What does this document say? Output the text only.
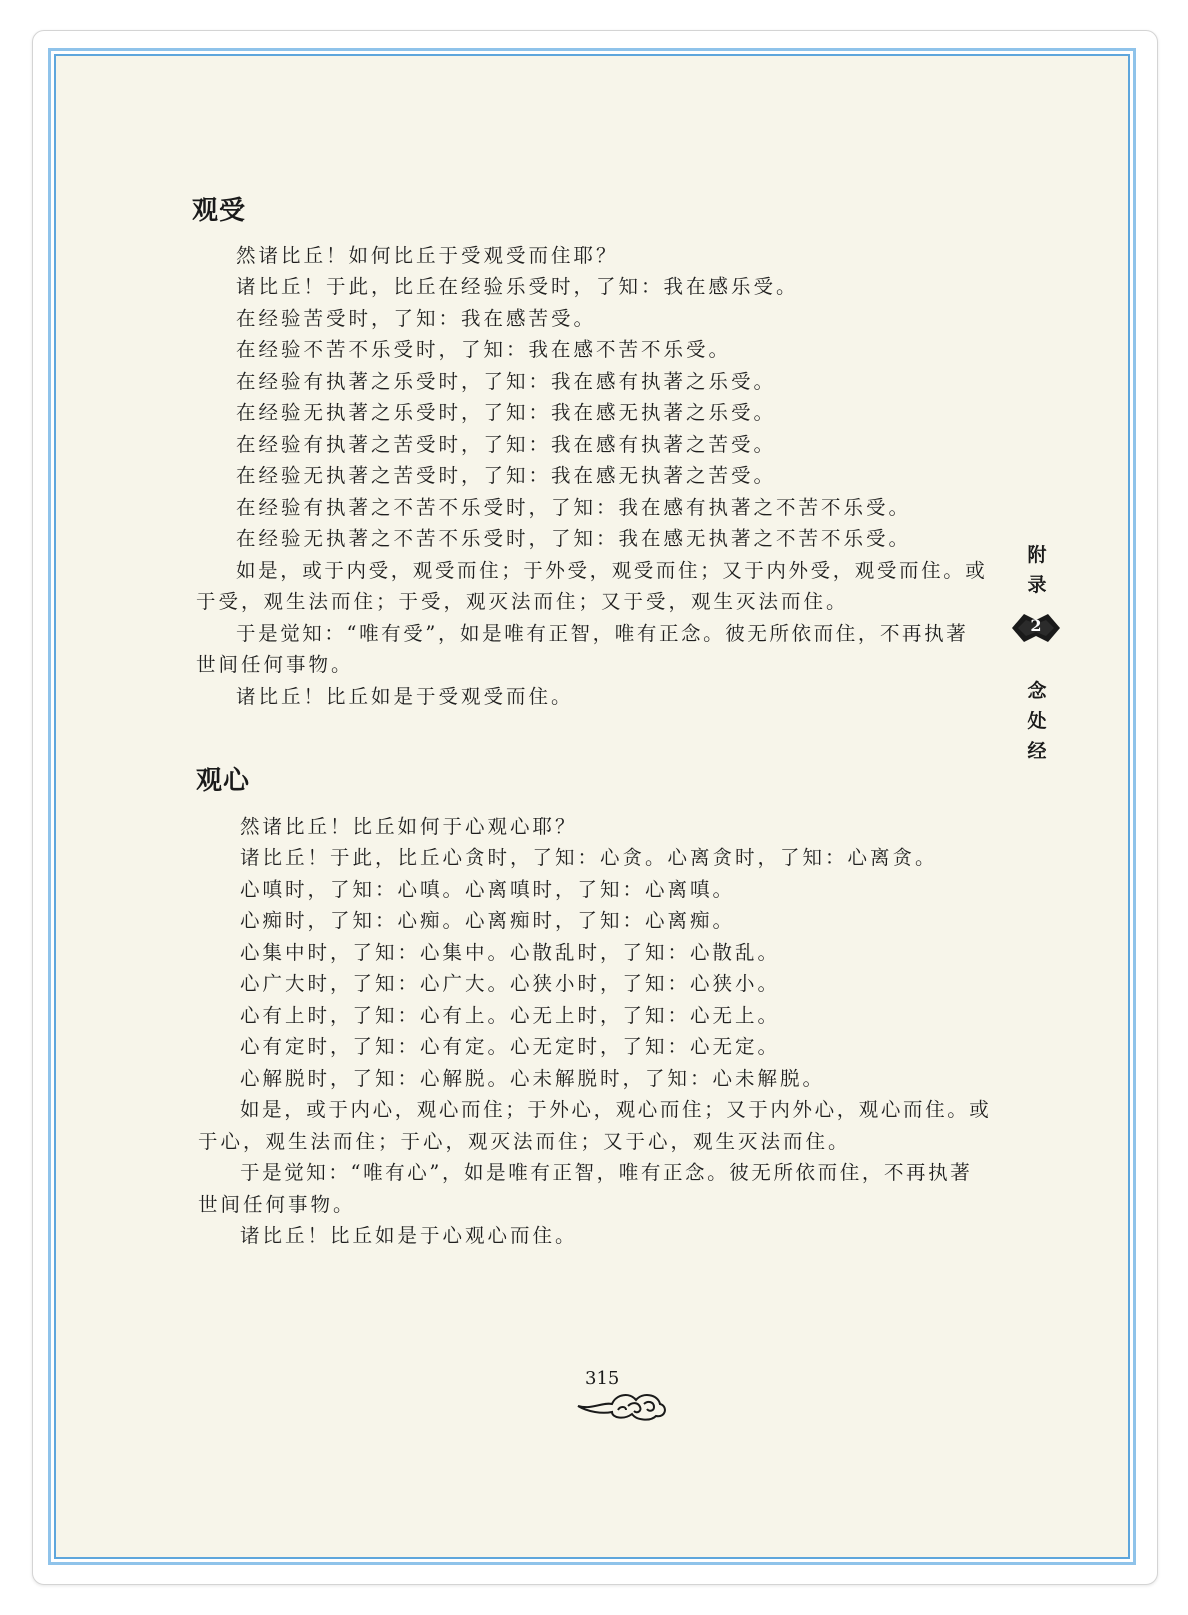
观受
然诸比丘！如何比丘于受观受而住耶？
诸比丘！于此，比丘在经验乐受时，了知：我在感乐受。
在经验苦受时，了知：我在感苦受。
在经验不苦不乐受时，了知：我在感不苦不乐受。
在经验有执著之乐受时，了知：我在感有执著之乐受。
在经验无执著之乐受时，了知：我在感无执著之乐受。
在经验有执著之苦受时，了知：我在感有执著之苦受。
在经验无执著之苦受时，了知：我在感无执著之苦受。
在经验有执著之不苦不乐受时，了知：我在感有执著之不苦不乐受。
在经验无执著之不苦不乐受时，了知：我在感无执著之不苦不乐受。
如是，或于内受，观受而住；于外受，观受而住；又于内外受，观受而住。或
于受，观生法而住；于受，观灭法而住；又于受，观生灭法而住。
于是觉知：“唯有受”，如是唯有正智，唯有正念。彼无所依而住，不再执著
世间任何事物。
诸比丘！比丘如是于受观受而住。
观心
然诸比丘！比丘如何于心观心耶？
诸比丘！于此，比丘心贪时，了知：心贪。心离贪时，了知：心离贪。
心嗔时，了知：心嗔。心离嗔时，了知：心离嗔。
心痴时，了知：心痴。心离痴时，了知：心离痴。
心集中时，了知：心集中。心散乱时，了知：心散乱。
心广大时，了知：心广大。心狭小时，了知：心狭小。
心有上时，了知：心有上。心无上时，了知：心无上。
心有定时，了知：心有定。心无定时，了知：心无定。
心解脱时，了知：心解脱。心未解脱时，了知：心未解脱。
如是，或于内心，观心而住；于外心，观心而住；又于内外心，观心而住。或
于心，观生法而住；于心，观灭法而住；又于心，观生灭法而住。
于是觉知：“唯有心”，如是唯有正智，唯有正念。彼无所依而住，不再执著
世间任何事物。
诸比丘！比丘如是于心观心而住。
附
录
2
念
处
经
315
